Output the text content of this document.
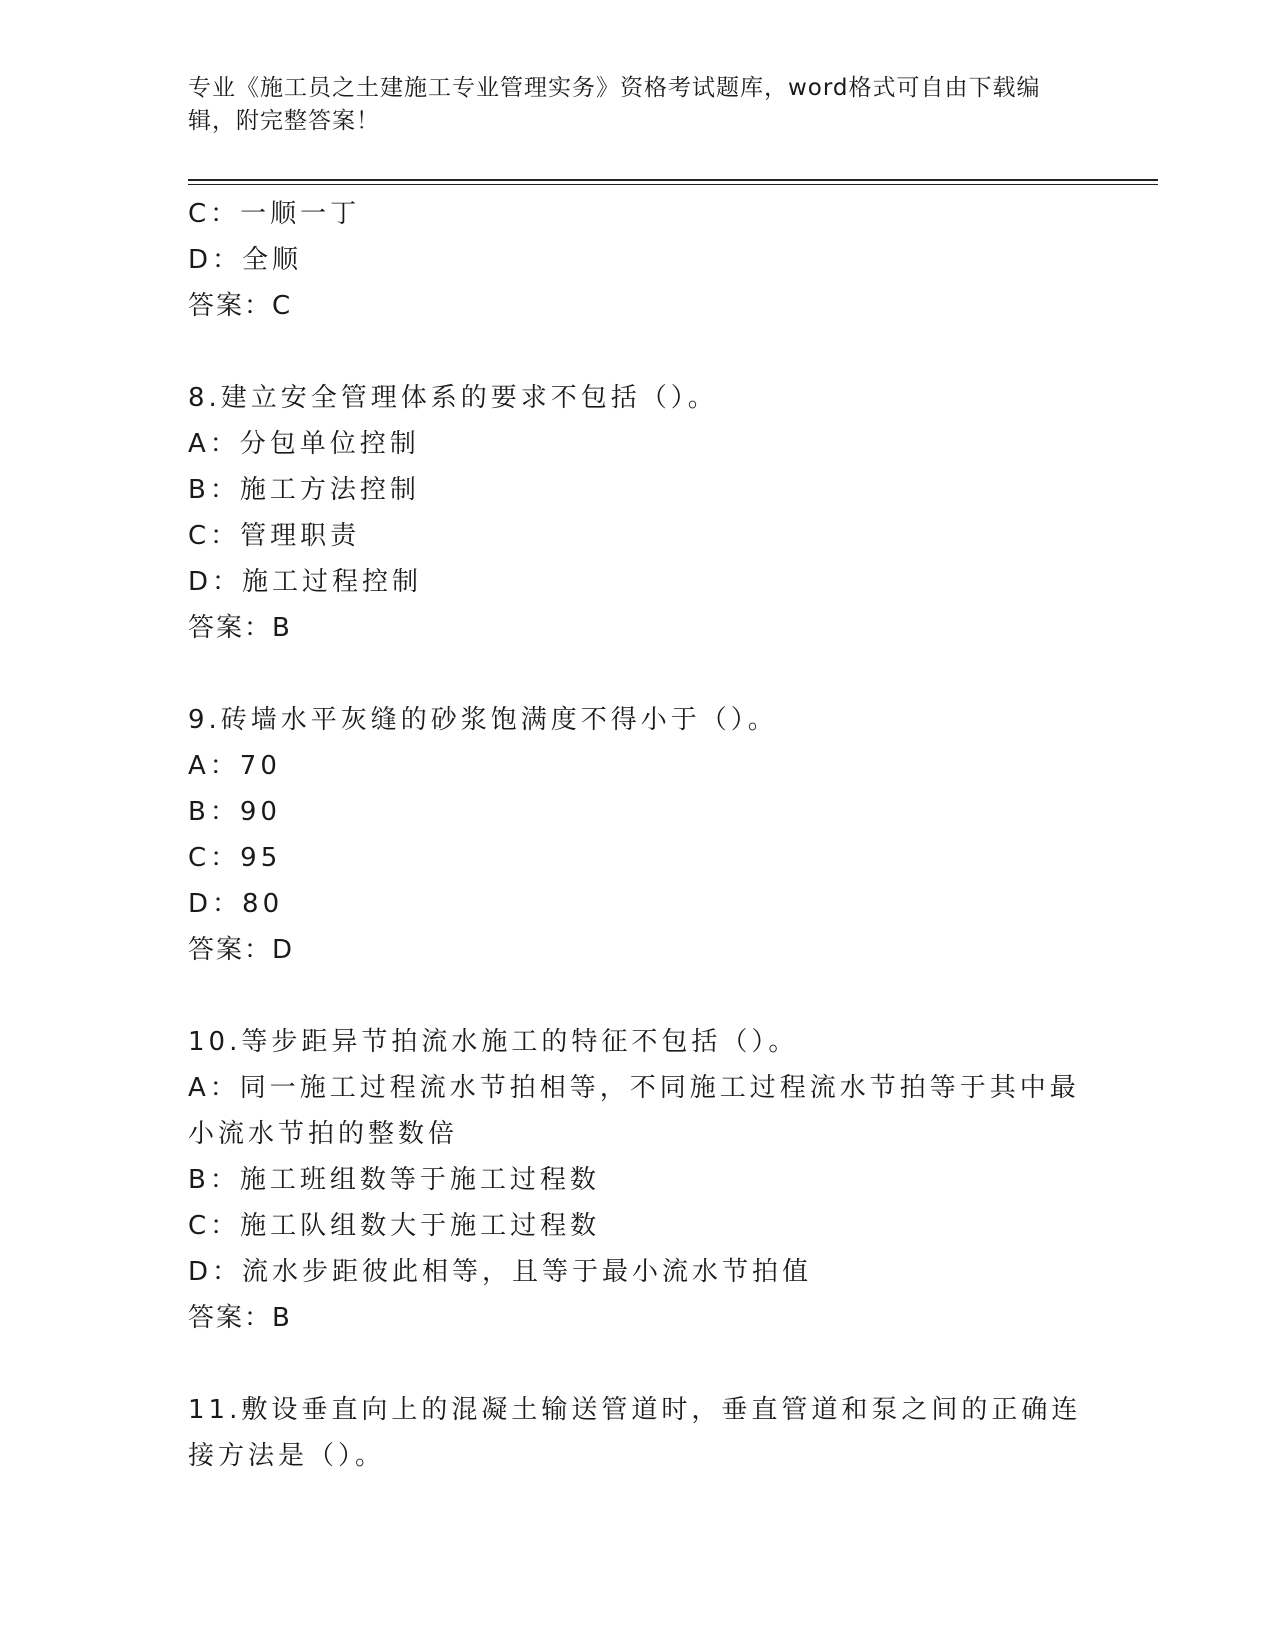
专业《施工员之土建施工专业管理实务》资格考试题库，word格式可自由下载编辑，附完整答案！
C：一顺一丁
D：全顺
答案：C
8.建立安全管理体系的要求不包括（）。
A：分包单位控制
B：施工方法控制
C：管理职责
D：施工过程控制
答案：B
9.砖墙水平灰缝的砂浆饱满度不得小于（）。
A：70
B：90
C：95
D：80
答案：D
10.等步距异节拍流水施工的特征不包括（）。
A：同一施工过程流水节拍相等，不同施工过程流水节拍等于其中最小流水节拍的整数倍
B：施工班组数等于施工过程数
C：施工队组数大于施工过程数
D：流水步距彼此相等，且等于最小流水节拍值
答案：B
11.敷设垂直向上的混凝土输送管道时，垂直管道和泵之间的正确连接方法是（）。
